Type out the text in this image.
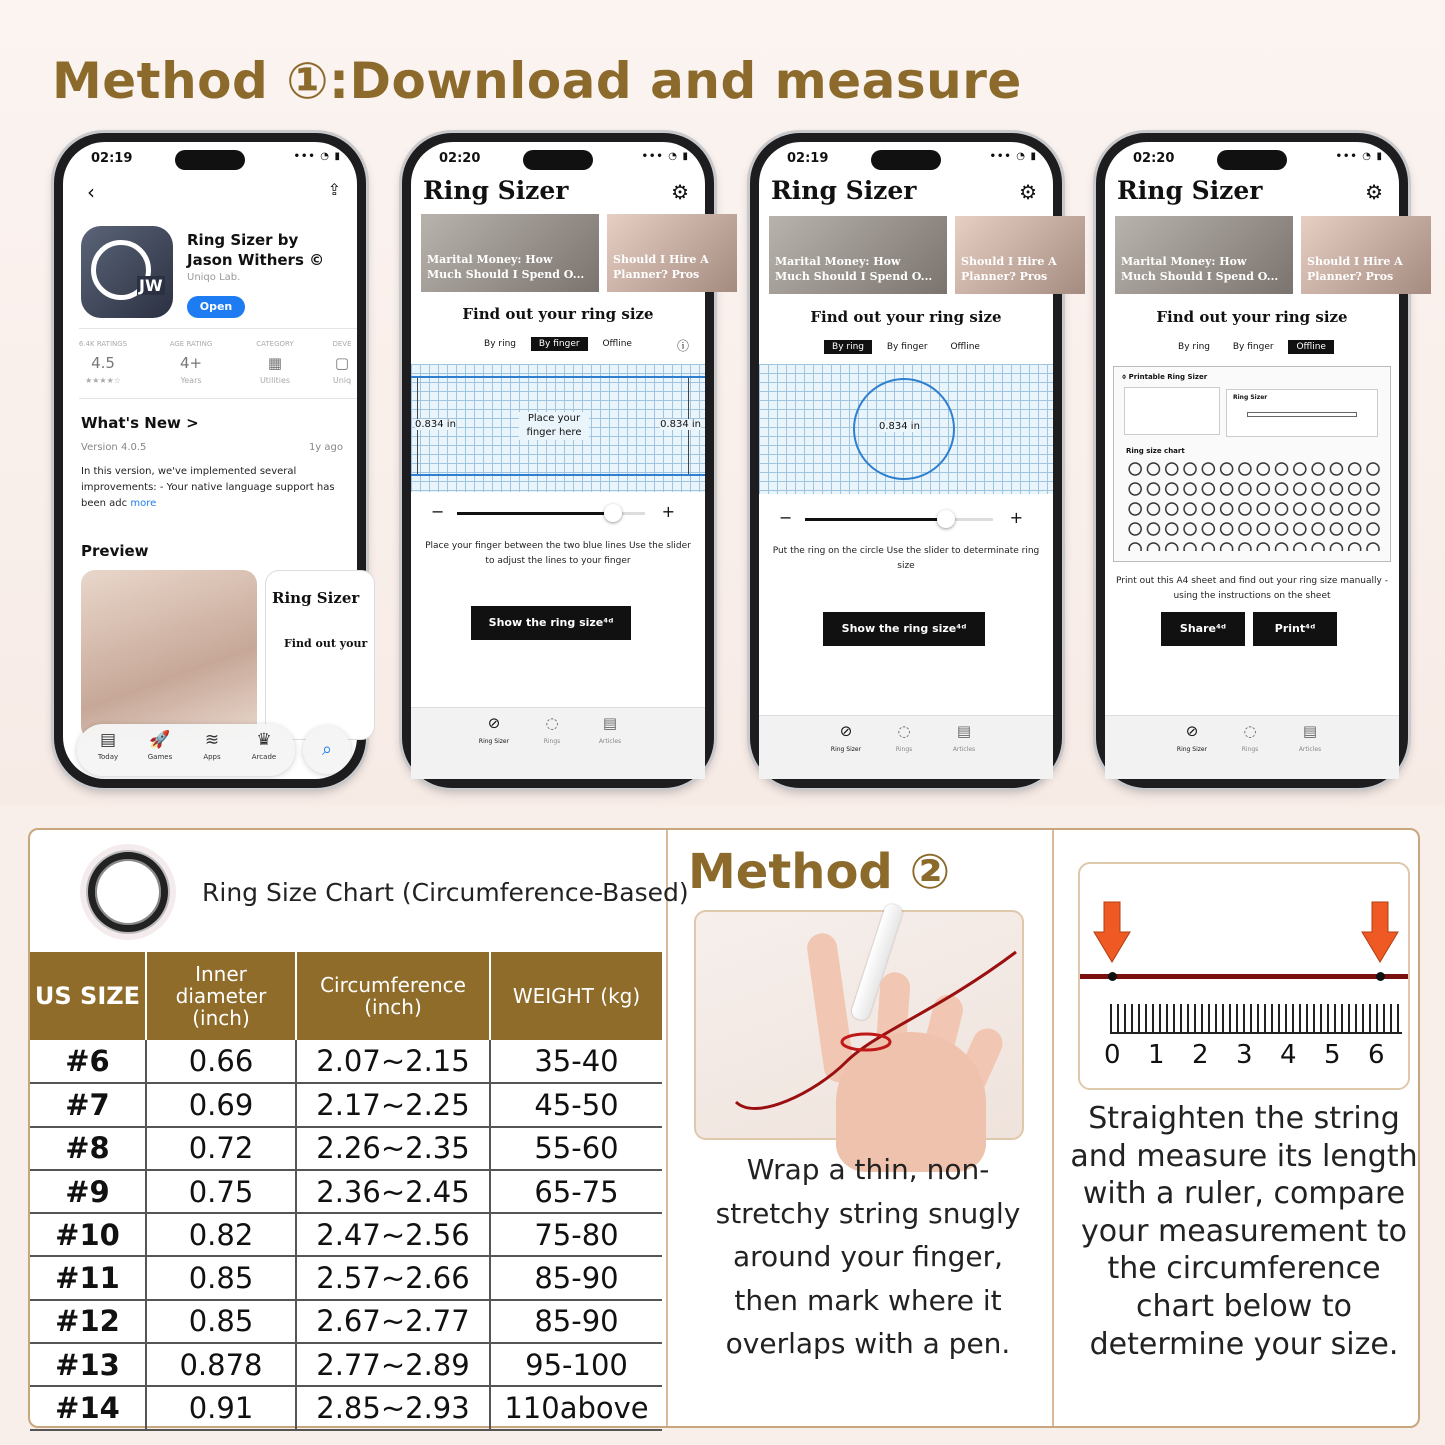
Method ①:Download and measure
02:19	••• ◔ ▮
‹	⇪
JW
Ring Sizer by Jason Withers ©
Uniqo Lab.
Open
6.4K RATINGS
4.5
★★★★☆
AGE RATING
4+
Years
CATEGORY
▦
Utilities
DEVE
▢
Uniq
What's New >
Version 4.0.5	1y ago
In this version, we've implemented several improvements: - Your native language support has been adc more
Preview
Ring Sizer
Find out your
▤
Today
🚀
Games
≋
Apps
♛
Arcade	⌕
02:20	••• ◔ ▮
Ring Sizer	⚙
Marital Money: How Much Should I Spend O...
Should I Hire A Planner? Pros
Find out your ring size
By ring	By finger	Offline	ⓘ
0.834 in	0.834 in
Place your finger here
−	+
Place your finger between the two blue lines Use the slider to adjust the lines to your finger
Show the ring size⁴ᵈ
⊘
Ring Sizer
◌
Rings
▤
Articles
02:19	••• ◔ ▮
Ring Sizer	⚙
Marital Money: How Much Should I Spend O...
Should I Hire A Planner? Pros
Find out your ring size
By ring	By finger	Offline
0.834 in
−	+
Put the ring on the circle Use the slider to determinate ring size
Show the ring size⁴ᵈ
⊘
Ring Sizer
◌
Rings
▤
Articles
02:20	••• ◔ ▮
Ring Sizer	⚙
Marital Money: How Much Should I Spend O...
Should I Hire A Planner? Pros
Find out your ring size
By ring	By finger	Offline
⌽ Printable Ring Sizer
Ring Sizer
Ring size chart
Print out this A4 sheet and find out your ring size manually - using the instructions on the sheet
Share⁴ᵈ	Print⁴ᵈ
⊘
Ring Sizer
◌
Rings
▤
Articles
Ring Size Chart (Circumference-Based)
US SIZE	Inner diameter (inch)	Circumference (inch)	WEIGHT (kg)
#6	0.66	2.07~2.15	35-40
#7	0.69	2.17~2.25	45-50
#8	0.72	2.26~2.35	55-60
#9	0.75	2.36~2.45	65-75
#10	0.82	2.47~2.56	75-80
#11	0.85	2.57~2.66	85-90
#12	0.85	2.67~2.77	85-90
#13	0.878	2.77~2.89	95-100
#14	0.91	2.85~2.93	110above
Method ②
Wrap a thin, non-stretchy string snugly around your finger, then mark where it overlaps with a pen.
0 1 2 3 4 5 6
Straighten the string and measure its length with a ruler, compare your measurement to the circumference chart below to determine your size.
